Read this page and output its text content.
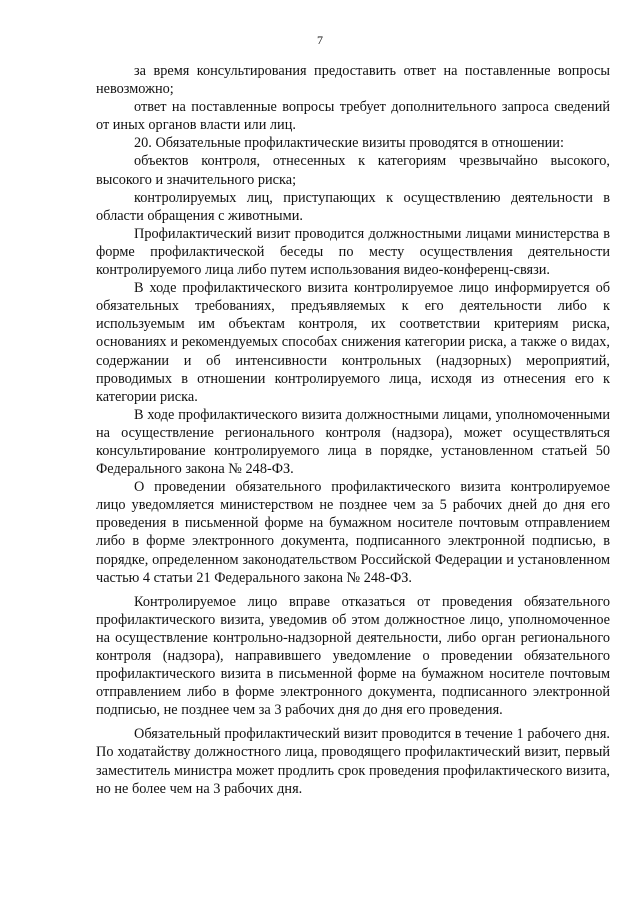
7

за время консультирования предоставить ответ на поставленные вопросы невозможно;

ответ на поставленные вопросы требует дополнительного запроса сведений от иных органов власти или лиц.

20. Обязательные профилактические визиты проводятся в отношении:

объектов контроля, отнесенных к категориям чрезвычайно высокого, высокого и значительного риска;

контролируемых лиц, приступающих к осуществлению деятельности в области обращения с животными.

Профилактический визит проводится должностными лицами министерства в форме профилактической беседы по месту осуществления деятельности контролируемого лица либо путем использования видео-конференц-связи.

В ходе профилактического визита контролируемое лицо информируется об обязательных требованиях, предъявляемых к его деятельности либо к используемым им объектам контроля, их соответствии критериям риска, основаниях и рекомендуемых способах снижения категории риска, а также о видах, содержании и об интенсивности контрольных (надзорных) мероприятий, проводимых в отношении контролируемого лица, исходя из отнесения его к категории риска.

В ходе профилактического визита должностными лицами, уполномоченными на осуществление регионального контроля (надзора), может осуществляться консультирование контролируемого лица в порядке, установленном статьей 50 Федерального закона № 248-ФЗ.

О проведении обязательного профилактического визита контролируемое лицо уведомляется министерством не позднее чем за 5 рабочих дней до дня его проведения в письменной форме на бумажном носителе почтовым отправлением либо в форме электронного документа, подписанного электронной подписью, в порядке, определенном законодательством Российской Федерации и установленном частью 4 статьи 21 Федерального закона № 248-ФЗ.

Контролируемое лицо вправе отказаться от проведения обязательного профилактического визита, уведомив об этом должностное лицо, уполномоченное на осуществление контрольно-надзорной деятельности, либо орган регионального контроля (надзора), направившего уведомление о проведении обязательного профилактического визита в письменной форме на бумажном носителе почтовым отправлением либо в форме электронного документа, подписанного электронной подписью, не позднее чем за 3 рабочих дня до дня его проведения.

Обязательный профилактический визит проводится в течение 1 рабочего дня. По ходатайству должностного лица, проводящего профилактический визит, первый заместитель министра может продлить срок проведения профилактического визита, но не более чем на 3 рабочих дня.
